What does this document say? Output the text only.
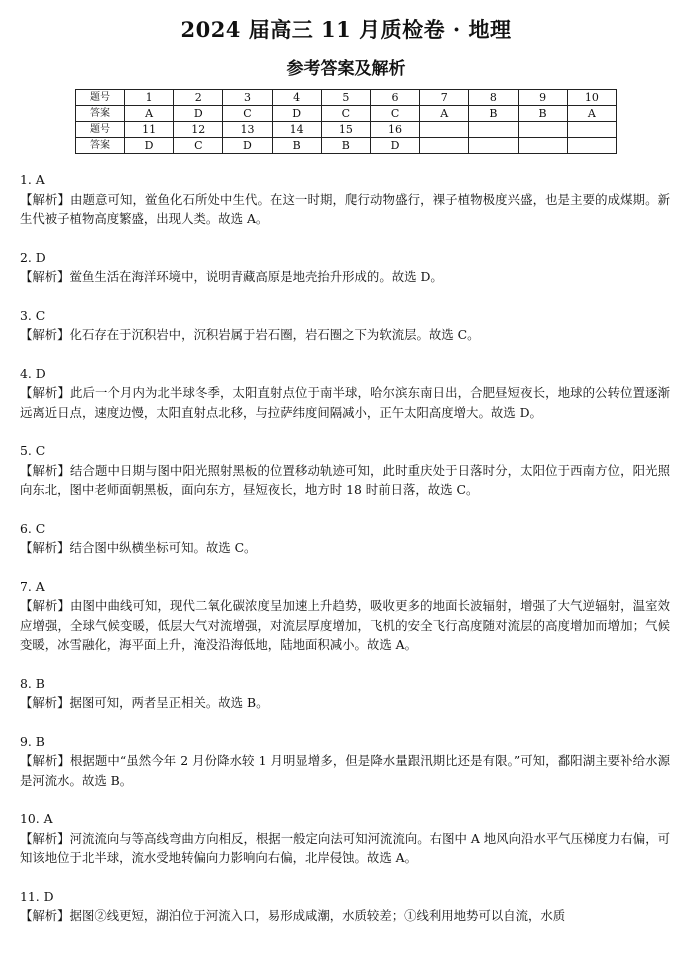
2024 届高三 11 月质检卷 · 地理
参考答案及解析
题号	1	2	3	4	5	6	7	8	9	10
答案	A	D	C	D	C	C	A	B	B	A
题号	11	12	13	14	15	16				
答案	D	C	D	B	B	D				
1. A
【解析】由题意可知，鲎鱼化石所处中生代。在这一时期，爬行动物盛行，裸子植物极度兴盛，也是主要的成煤期。新生代被子植物高度繁盛，出现人类。故选 A。
2. D
【解析】鲎鱼生活在海洋环境中，说明青藏高原是地壳抬升形成的。故选 D。
3. C
【解析】化石存在于沉积岩中，沉积岩属于岩石圈，岩石圈之下为软流层。故选 C。
4. D
【解析】此后一个月内为北半球冬季，太阳直射点位于南半球，哈尔滨东南日出，合肥昼短夜长，地球的公转位置逐渐远离近日点，速度边慢，太阳直射点北移，与拉萨纬度间隔减小，正午太阳高度增大。故选 D。
5. C
【解析】结合题中日期与图中阳光照射黑板的位置移动轨迹可知，此时重庆处于日落时分，太阳位于西南方位，阳光照向东北，图中老师面朝黑板，面向东方，昼短夜长，地方时 18 时前日落，故选 C。
6. C
【解析】结合图中纵横坐标可知。故选 C。
7. A
【解析】由图中曲线可知，现代二氧化碳浓度呈加速上升趋势，吸收更多的地面长波辐射，增强了大气逆辐射，温室效应增强，全球气候变暖，低层大气对流增强，对流层厚度增加，飞机的安全飞行高度随对流层的高度增加而增加；气候变暖，冰雪融化，海平面上升，淹没沿海低地，陆地面积减小。故选 A。
8. B
【解析】据图可知，两者呈正相关。故选 B。
9. B
【解析】根据题中“虽然今年 2 月份降水较 1 月明显增多，但是降水量跟汛期比还是有限。”可知，鄱阳湖主要补给水源是河流水。故选 B。
10. A
【解析】河流流向与等高线弯曲方向相反，根据一般定向法可知河流流向。右图中 A 地风向沿水平气压梯度力右偏，可知该地位于北半球，流水受地转偏向力影响向右偏，北岸侵蚀。故选 A。
11. D
【解析】据图②线更短，湖泊位于河流入口，易形成咸潮，水质较差；①线利用地势可以自流，水质
